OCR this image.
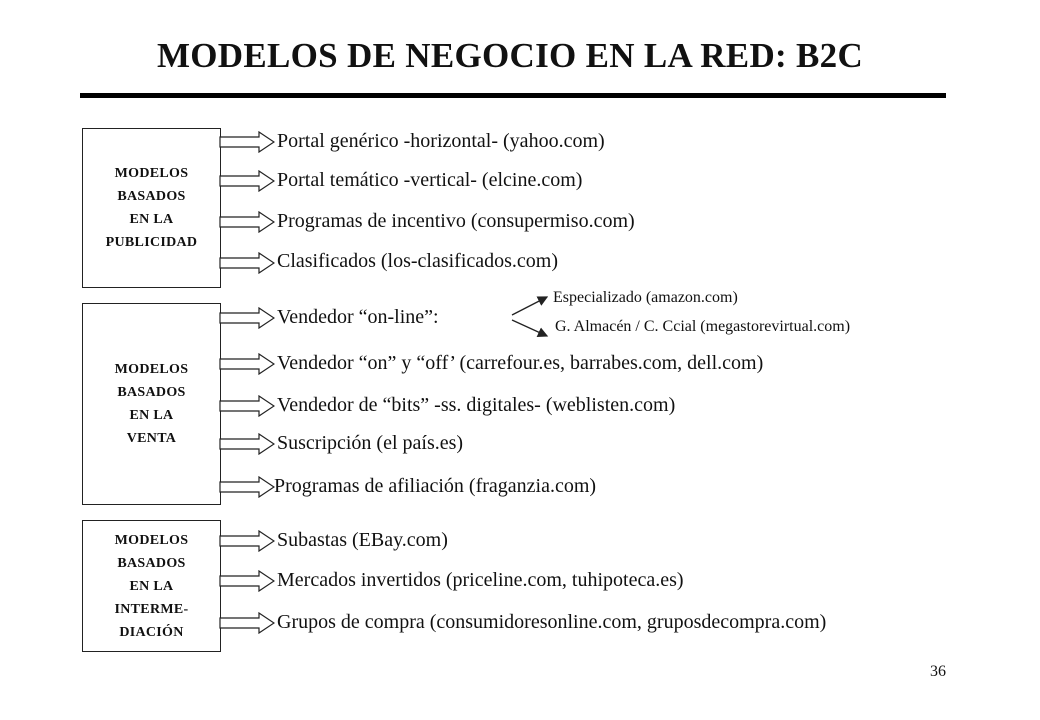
MODELOS DE NEGOCIO EN LA RED: B2C
MODELOS
BASADOS
EN LA
PUBLICIDAD
MODELOS
BASADOS
EN LA
VENTA
MODELOS
BASADOS
EN LA
INTERME-
DIACIÓN
Portal genérico -horizontal- (yahoo.com)
Portal temático -vertical- (elcine.com)
Programas de incentivo (consupermiso.com)
Clasificados (los-clasificados.com)
Vendedor “on-line”:
Vendedor “on” y “off’ (carrefour.es, barrabes.com, dell.com)
Vendedor de “bits” -ss. digitales- (weblisten.com)
Suscripción (el país.es)
Programas de afiliación (fraganzia.com)
Especializado (amazon.com)
G. Almacén / C. Ccial (megastorevirtual.com)
Subastas (EBay.com)
Mercados invertidos (priceline.com, tuhipoteca.es)
Grupos de compra (consumidoresonline.com, gruposdecompra.com)
36
